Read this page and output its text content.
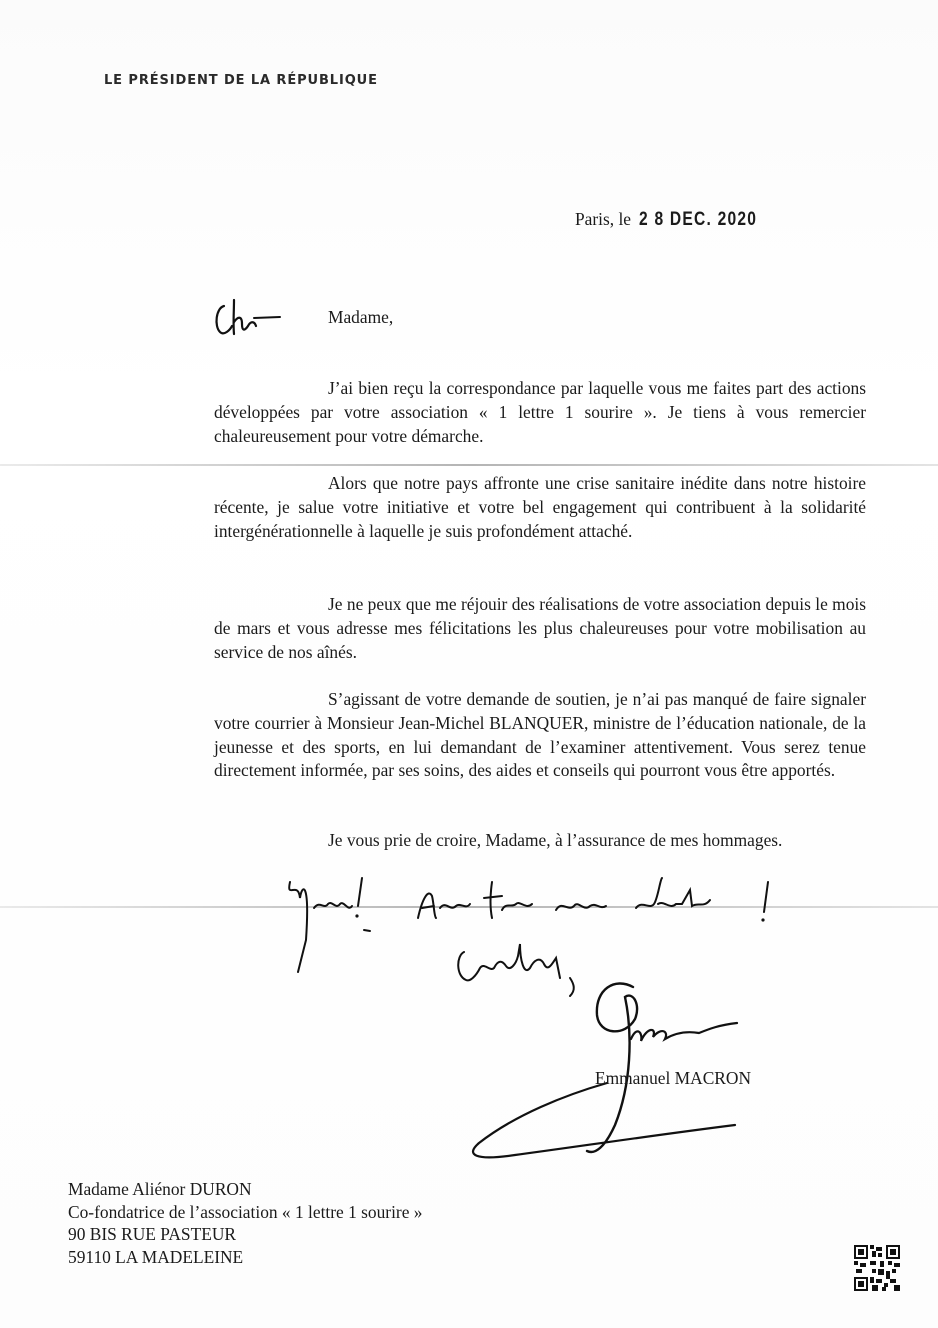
LE PRÉSIDENT DE LA RÉPUBLIQUE
Paris, le 2 8 DEC. 2020
Madame,

J’ai bien reçu la correspondance par laquelle vous me faites part des actions développées par votre association « 1 lettre 1 sourire ». Je tiens à vous remercier chaleureusement pour votre démarche.

Alors que notre pays affronte une crise sanitaire inédite dans notre histoire récente, je salue votre initiative et votre bel engagement qui contribuent à la solidarité intergénérationnelle à laquelle je suis profondément attaché.

Je ne peux que me réjouir des réalisations de votre association depuis le mois de mars et vous adresse mes félicitations les plus chaleureuses pour votre mobilisation au service de nos aînés.

S’agissant de votre demande de soutien, je n’ai pas manqué de faire signaler votre courrier à Monsieur Jean-Michel BLANQUER, ministre de l’éducation nationale, de la jeunesse et des sports, en lui demandant de l’examiner attentivement. Vous serez tenue directement informée, par ses soins, des aides et conseils qui pourront vous être apportés.

Je vous prie de croire, Madame, à l’assurance de mes hommages.

Emmanuel MACRON
Madame Aliénor DURON
Co-fondatrice de l’association « 1 lettre 1 sourire »
90 BIS RUE PASTEUR
59110 LA MADELEINE
